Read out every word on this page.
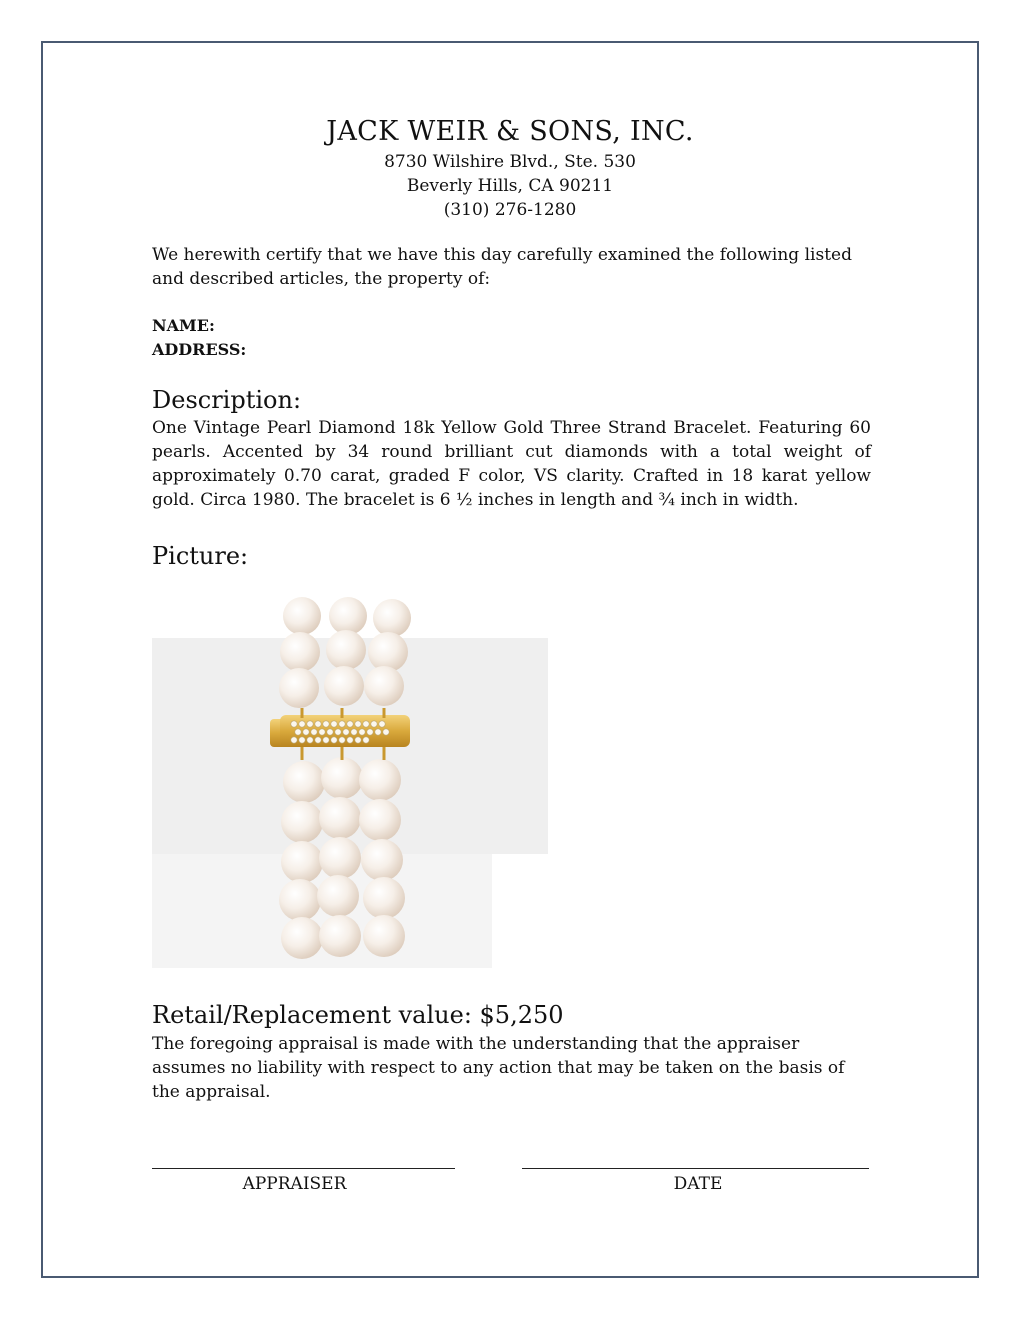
JACK WEIR & SONS, INC.
8730 Wilshire Blvd., Ste. 530
Beverly Hills, CA 90211
(310) 276-1280
We herewith certify that we have this day carefully examined the following listed and described articles, the property of:
NAME:
ADDRESS:
Description:
One Vintage Pearl Diamond 18k Yellow Gold Three Strand Bracelet. Featuring 60 pearls. Accented by 34 round brilliant cut diamonds with a total weight of approximately 0.70 carat, graded F color, VS clarity. Crafted in 18 karat yellow gold. Circa 1980. The bracelet is 6 ½ inches in length and ¾ inch in width.
Picture:
Retail/Replacement value: $5,250
The foregoing appraisal is made with the understanding that the appraiser assumes no liability with respect to any action that may be taken on the basis of the appraisal.
APPRAISER	DATE
